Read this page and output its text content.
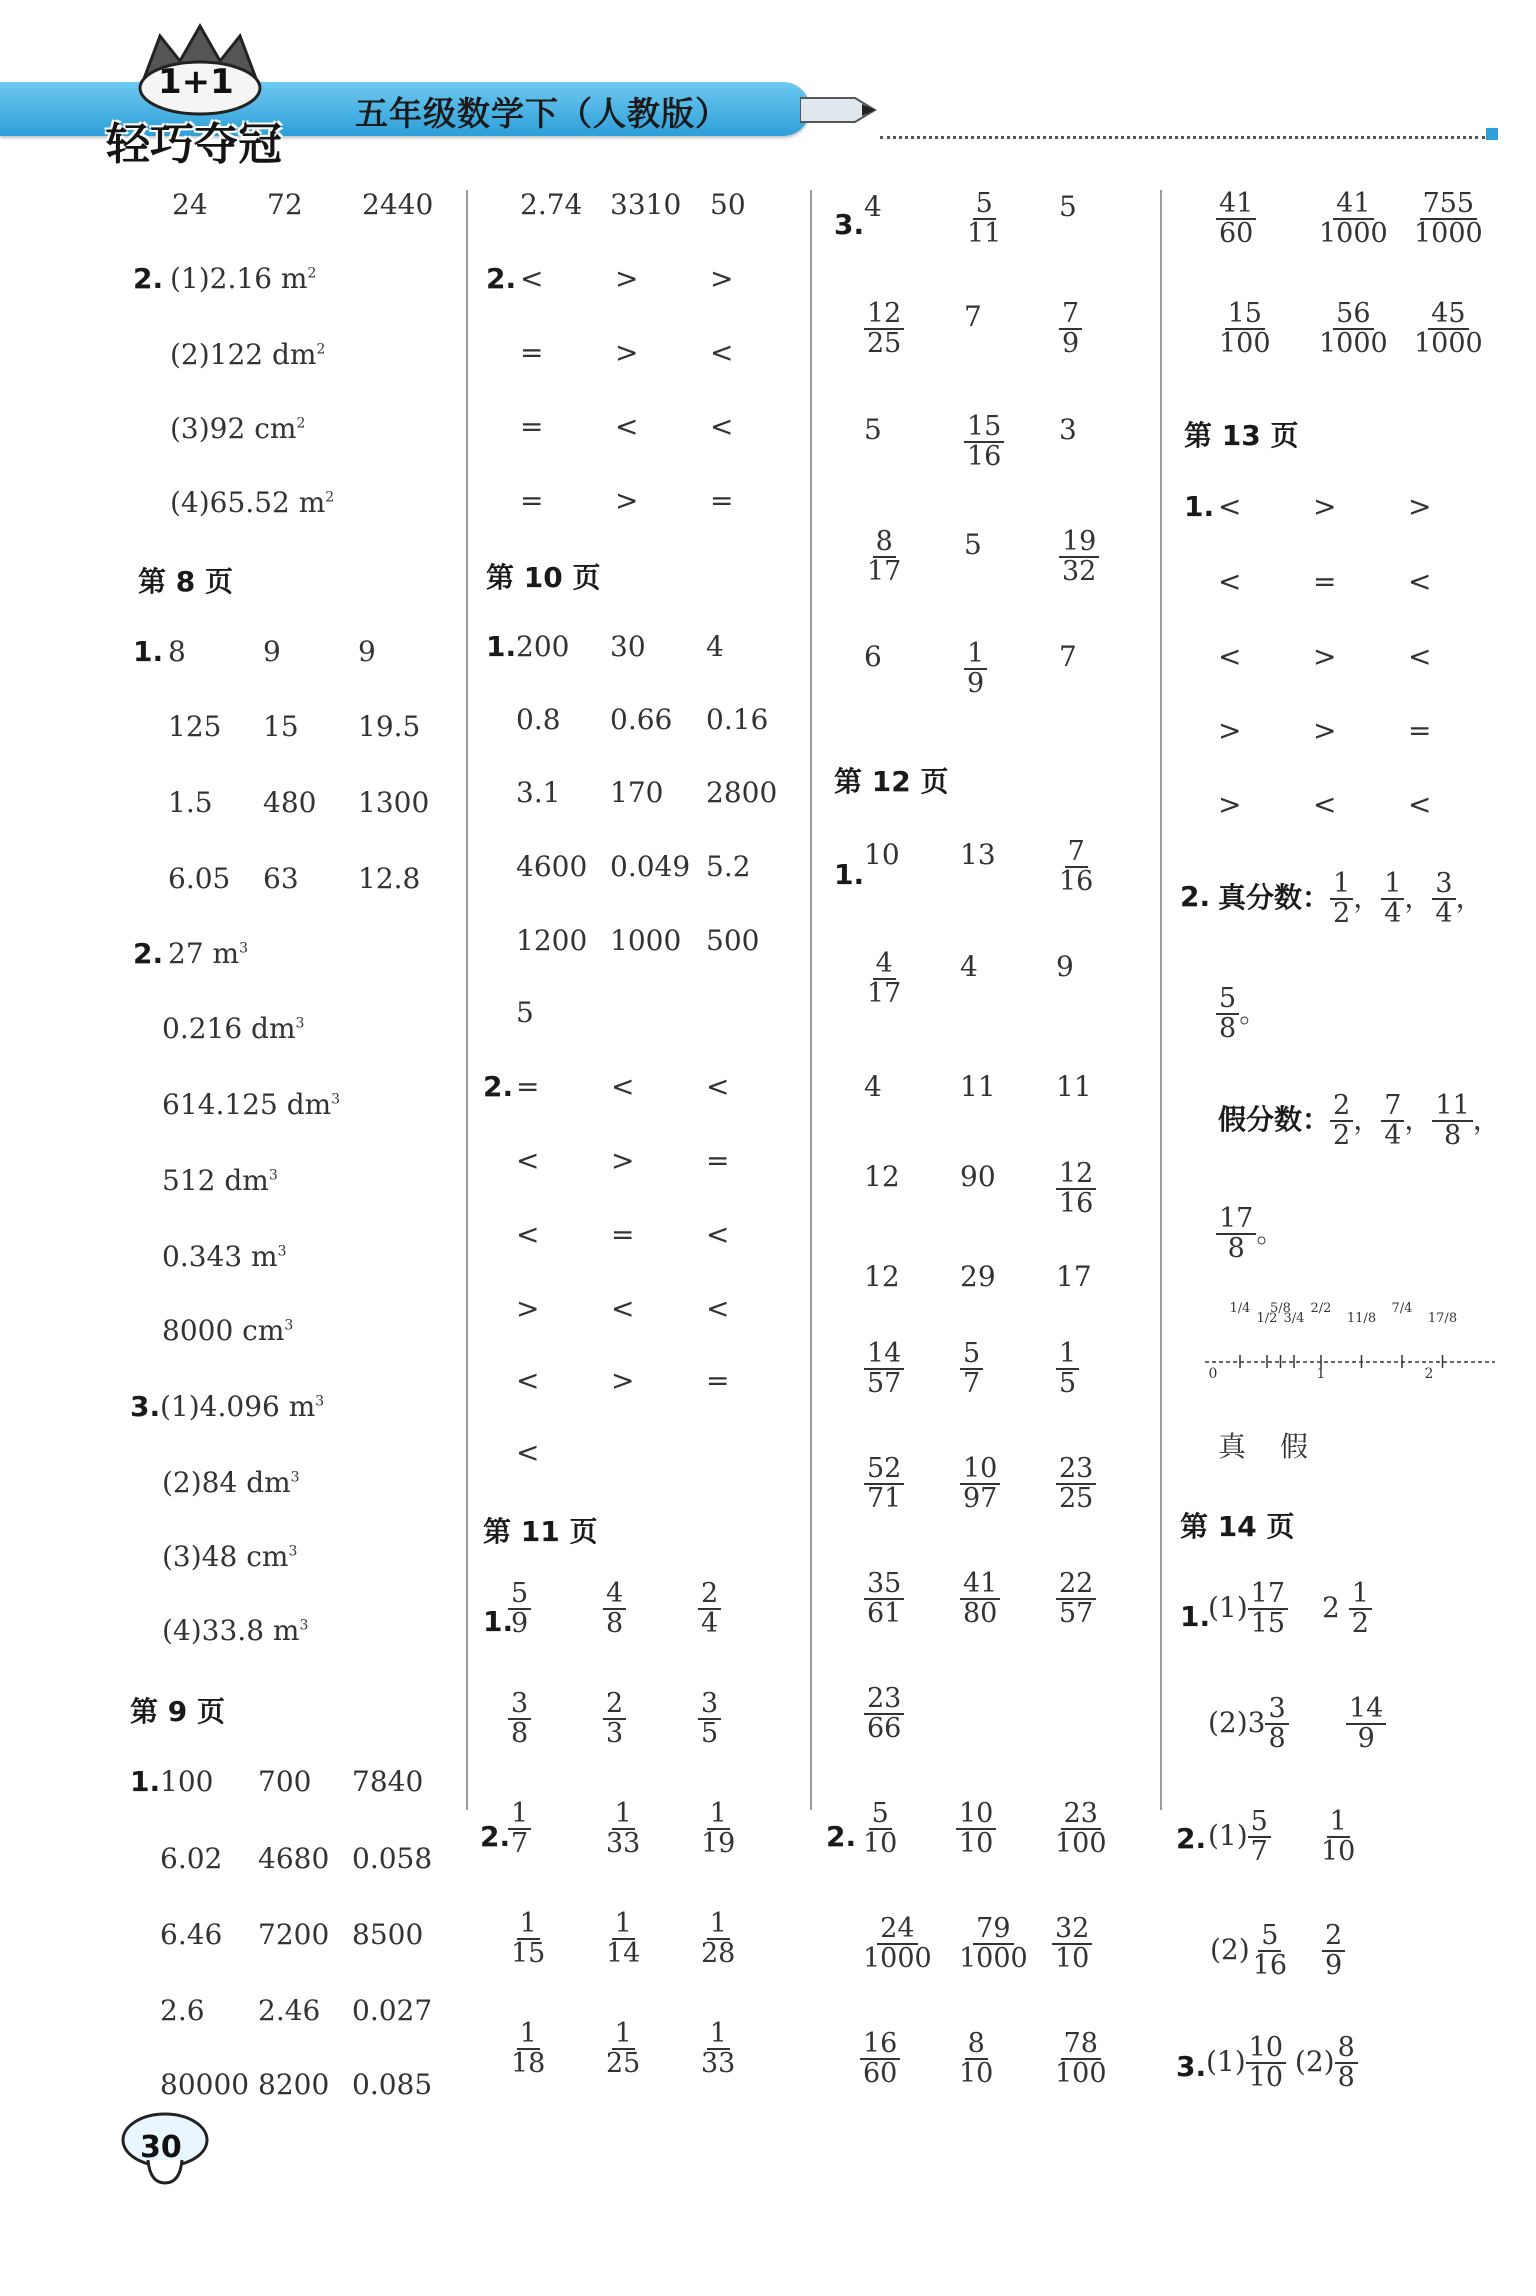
1+1
轻巧夺冠
五年级数学下（人教版）
24 72 2440
2. (1)2.16 $m^2$
(2)122 $dm^2$
(3)92 $cm^2$
(4)65.52 $m^2$
第 8 页
1. 8	9	9
125 15 19.5
1.5 480 1300
6.05 63 12.8
2. 27 $m^3$
0.216 $dm^3$
614.125 $dm^3$
512 $dm^3$
0.343 $m^3$
8000 $cm^3$
3. (1)4.096 $m^3$
(2)84 $dm^3$
(3)48 $cm^3$
(4)33.8 $m^3$
第 9 页
1. 100 700 7840
6.02 4680 0.058
6.46 7200 8500
2.6 2.46 0.027
80000 8200 0.085
2.74 3310 50
2. <	>	>
=	>	<
=	<	<
=	>	=
第 10 页
1. 200 30 4
0.8 0.66 0.16
3.1 170 2800
4600 0.049 5.2
1200 1000 500
5
2. =	<	<
<	>	=
<	=	<
>	<	<
<	>	=
<
第 11 页
1.
$\frac{5}{9}$	$\frac{4}{8}$	$\frac{2}{4}$
$\frac{3}{8}$	$\frac{2}{3}$	$\frac{3}{5}$
2.
$\frac{1}{7}$	$\frac{1}{33} \frac{1}{19}$
$\frac{1}{15} \frac{1}{14} \frac{1}{28}$
$\frac{1}{18} \frac{1}{25} \frac{1}{33}$
3.
4	$\frac{5}{11} 5$
$\frac{12}{25} 7$	$\frac{7}{9}$
5	$\frac{15}{16} 3$
$\frac{8}{17} 5$	$\frac{19}{32}$
6	$\frac{1}{9}$	7
第 12 页
1.
10 $13 \frac{7}{16}$
$\frac{4}{17} 4$	9
4	11 11
12 $90 \frac{12}{16}$
12 29 17
$\frac{14}{57} \frac{5}{7}$	$\frac{1}{5}$
$\frac{52}{71} \frac{10}{97} \frac{23}{25}$
$\frac{35}{61} \frac{41}{80} \frac{22}{57}$
$\frac{23}{66}$
2. $\frac{5}{10} \frac{10}{10} \frac{23}{100}$
$\frac{24}{1000} \frac{79}{1000} \frac{32}{10}$
$\frac{16}{60} \frac{8}{10} \frac{78}{100}$
$\frac{41}{60} \frac{41}{1000} \frac{755}{1000}$
$\frac{15}{100} \frac{56}{1000} \frac{45}{1000}$
第 13 页
1. <	>	>
<	=	<
<	>	<
>	>	=
>	<	<
2. 真分数： $\frac{1}{2}$ ， $\frac{1}{4}$ ， $\frac{3}{4}$ ，
$\frac{5}{8}$ 。
假分数： $\frac{2}{2}$ ， $\frac{7}{4}$ ， $\frac{11}{8}$ ，
$\frac{17}{8}$ 。
真 假
第 14 页
1.
$(1) \frac{17}{15} 2 \frac{1}{2}$
$(2)3 \frac{3}{8} \frac{14}{9}$
2. $(1) \frac{5}{7} \frac{1}{10}$
$(2) \frac{5}{16} \frac{2}{9}$
3. $(1) \frac{10}{10} (2) \frac{8}{8}$
1/4
1/2
5/8
3/4
2/2
11/8
7/4
17/8
0	1	2
30
